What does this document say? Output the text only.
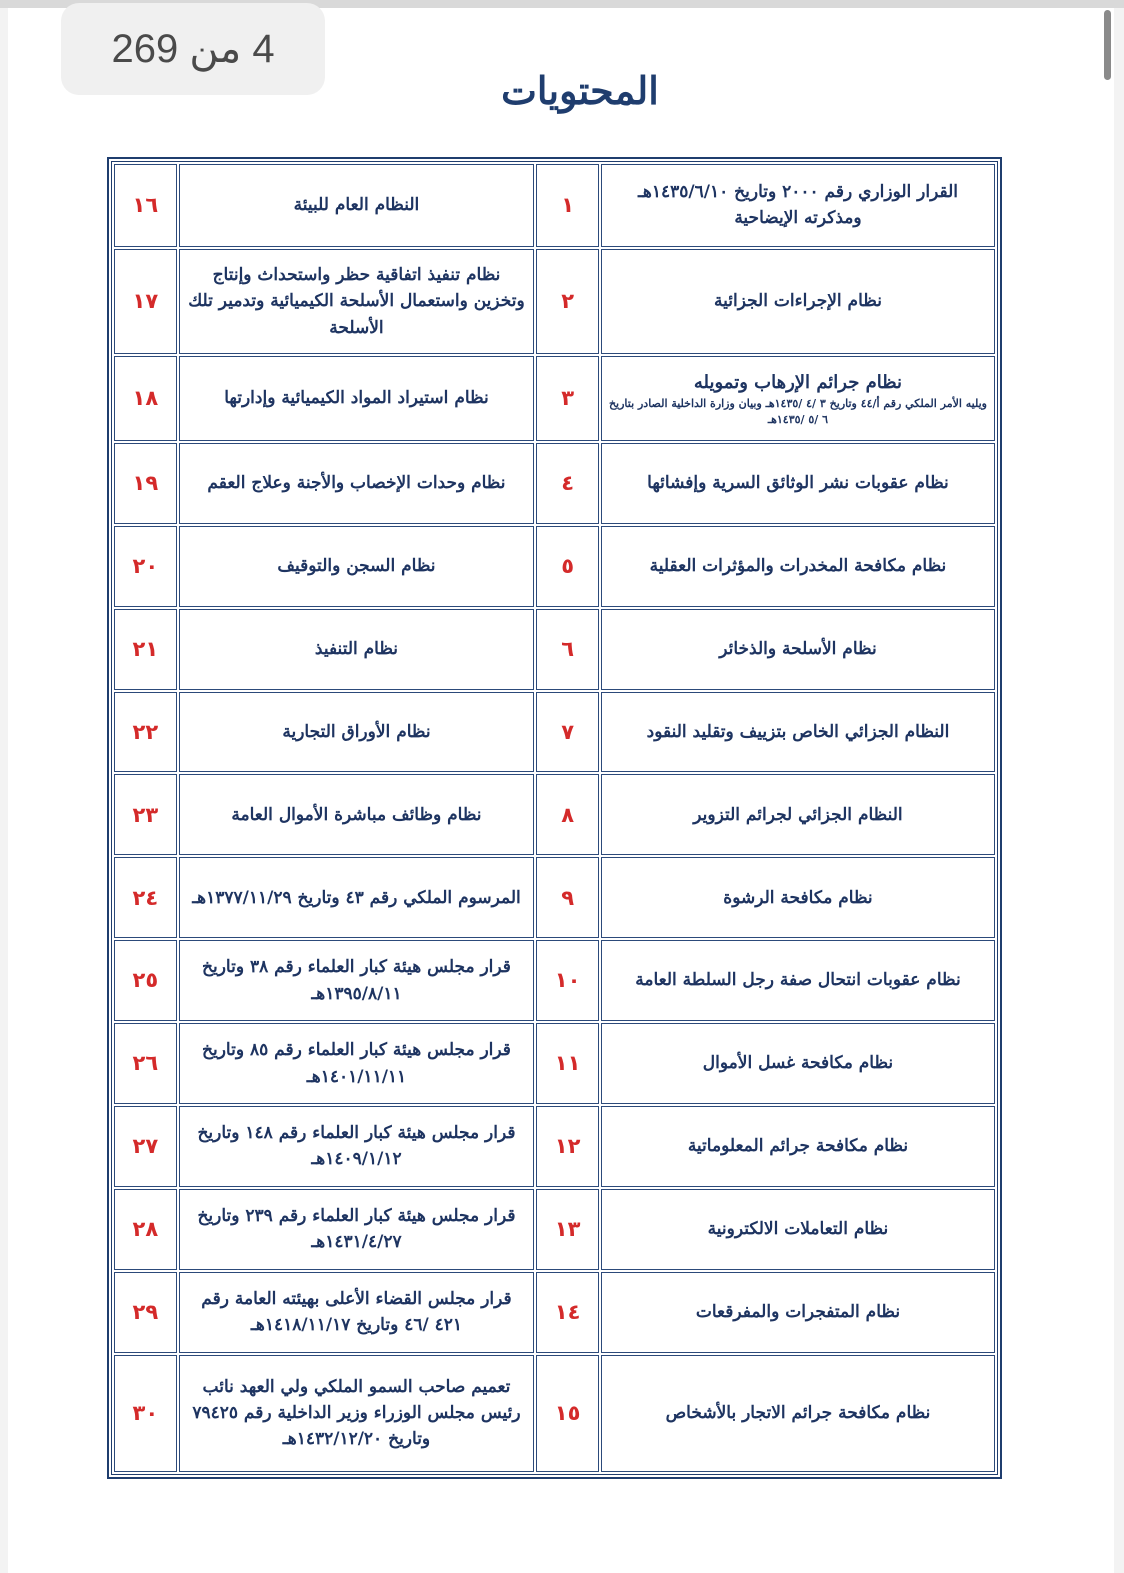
4 من 269
المحتويات
١٦	النظام العام للبيئة	١	القرار الوزاري رقم ٢٠٠٠ وتاريخ ١٤٣٥/٦/١٠هـ ومذكرته الإيضاحية
١٧	نظام تنفيذ اتفاقية حظر واستحداث وإنتاج وتخزين واستعمال الأسلحة الكيميائية وتدمير تلك الأسلحة	٢	نظام الإجراءات الجزائية
١٨	نظام استيراد المواد الكيميائية وإدارتها	٣	نظام جرائم الإرهاب وتمويله
ويليه الأمر الملكي رقم أ/٤٤ وتاريخ ٣ /٤ /١٤٣٥هـ وبيان وزارة الداخلية الصادر بتاريخ ٦ /٥ /١٤٣٥هـ
١٩	نظام وحدات الإخصاب والأجنة وعلاج العقم	٤	نظام عقوبات نشر الوثائق السرية وإفشائها
٢٠	نظام السجن والتوقيف	٥	نظام مكافحة المخدرات والمؤثرات العقلية
٢١	نظام التنفيذ	٦	نظام الأسلحة والذخائر
٢٢	نظام الأوراق التجارية	٧	النظام الجزائي الخاص بتزييف وتقليد النقود
٢٣	نظام وظائف مباشرة الأموال العامة	٨	النظام الجزائي لجرائم التزوير
٢٤	المرسوم الملكي رقم ٤٣ وتاريخ ١٣٧٧/١١/٢٩هـ	٩	نظام مكافحة الرشوة
٢٥	قرار مجلس هيئة كبار العلماء رقم ٣٨ وتاريخ ١٣٩٥/٨/١١هـ	١٠	نظام عقوبات انتحال صفة رجل السلطة العامة
٢٦	قرار مجلس هيئة كبار العلماء رقم ٨٥ وتاريخ ١٤٠١/١١/١١هـ	١١	نظام مكافحة غسل الأموال
٢٧	قرار مجلس هيئة كبار العلماء رقم ١٤٨ وتاريخ ١٤٠٩/١/١٢هـ	١٢	نظام مكافحة جرائم المعلوماتية
٢٨	قرار مجلس هيئة كبار العلماء رقم ٢٣٩ وتاريخ ١٤٣١/٤/٢٧هـ	١٣	نظام التعاملات الالكترونية
٢٩	قرار مجلس القضاء الأعلى بهيئته العامة رقم ٤٢١ /٤٦ وتاريخ ١٤١٨/١١/١٧هـ	١٤	نظام المتفجرات والمفرقعات
٣٠	تعميم صاحب السمو الملكي ولي العهد نائب رئيس مجلس الوزراء وزير الداخلية رقم ٧٩٤٢٥ وتاريخ ١٤٣٢/١٢/٢٠هـ	١٥	نظام مكافحة جرائم الاتجار بالأشخاص
